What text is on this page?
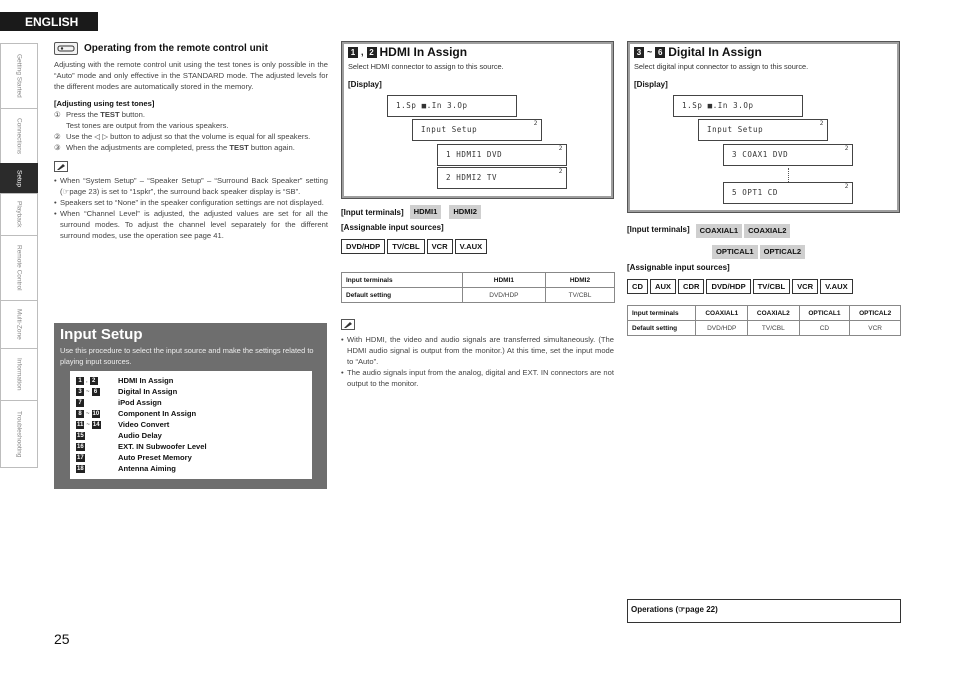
ENGLISH
Getting Started
Connections
Setup
Playback
Remote Control
Multi-Zone
Information
Troubleshooting
Operating from the remote control unit
Adjusting with the remote control unit using the test tones is only possible in the “Auto” mode and only effective in the STANDARD mode. The adjusted levels for the different modes are automatically stored in the memory.
[Adjusting using test tones]
① Press the TEST button.
Test tones are output from the various speakers.
② Use the ◁ ▷ button to adjust so that the volume is equal for all speakers.
③ When the adjustments are completed, press the TEST button again.
• When “System Setup” – “Speaker Setup” – “Surround Back Speaker” setting (☞page 23) is set to “1spkr”, the surround back speaker display is “SB”.
• Speakers set to “None” in the speaker configuration settings are not displayed.
• When “Channel Level” is adjusted, the adjusted values are set for all the surround modes. To adjust the channel level separately for the different surround modes, use the operation see page 41.
Input Setup
Use this procedure to select the input source and make the settings related to playing input sources.
1 , 2	HDMI In Assign
3 ~ 6	Digital In Assign
7	iPod Assign
8 ~ 10 Component In Assign
11 ~ 14 Video Convert
15	Audio Delay
16	EXT. IN Subwoofer Level
17	Auto Preset Memory
18	Antenna Aiming
1 , 2 HDMI In Assign
Select HDMI connector to assign to this source.
[Display]
1.Sp ■.In 3.Op
Input Setup
2
1 HDMI1 DVD
2
2 HDMI2 TV
2
[Input terminals]	HDMI1	HDMI2
[Assignable input sources]
DVD/HDP TV/CBL VCR V.AUX
Input terminals	HDMI1	HDMI2
Default setting	DVD/HDP	TV/CBL
• With HDMI, the video and audio signals are transferred simultaneously. (The HDMI audio signal is output from the monitor.) At this time, set the input mode to “Auto”.
• The audio signals input from the analog, digital and EXT. IN connectors are not output to the monitor.
3 ~ 6 Digital In Assign
Select digital input connector to assign to this source.
[Display]
1.Sp ■.In 3.Op
Input Setup
2
3 COAX1 DVD
2
5 OPT1 CD
2
[Input terminals]	COAXIAL1 COAXIAL2
OPTICAL1 OPTICAL2
[Assignable input sources]
CD AUX CDR DVD/HDP TV/CBL VCR V.AUX
Input terminals	COAXIAL1	COAXIAL2	OPTICAL1	OPTICAL2
Default setting	DVD/HDP	TV/CBL	CD	VCR
Operations (☞page 22)
25
